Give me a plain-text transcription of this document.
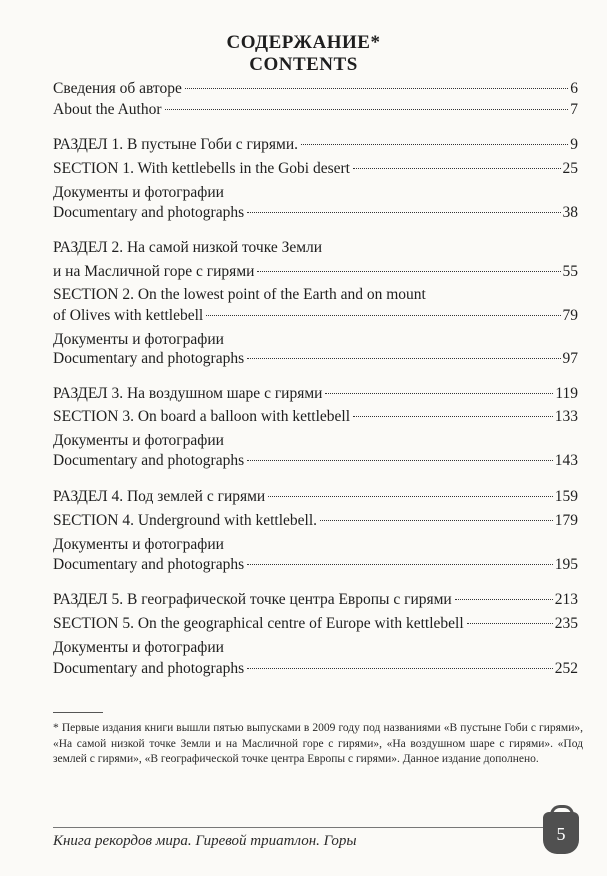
СОДЕРЖАНИЕ*
CONTENTS
Сведения об авторе	6
About the Author	7
РАЗДЕЛ 1. В пустыне Гоби с гирями.	9
SECTION 1. With kettlebells in the Gobi desert	25
Документы и фотографии
Documentary and photographs	38
РАЗДЕЛ 2. На самой низкой точке Земли
и на Масличной горе с гирями	55
SECTION 2. On the lowest point of the Earth and on mount
of Olives with kettlebell	79
Документы и фотографии
Documentary and photographs	97
РАЗДЕЛ 3. На воздушном шаре с гирями	119
SECTION 3. On board a balloon with kettlebell	133
Документы и фотографии
Documentary and photographs	143
РАЗДЕЛ 4. Под землей с гирями	159
SECTION 4. Underground with kettlebell.	179
Документы и фотографии
Documentary and photographs	195
РАЗДЕЛ 5. В географической точке центра Европы с гирями	213
SECTION 5. On the geographical centre of Europe with kettlebell	235
Документы и фотографии
Documentary and photographs	252
* Первые издания книги вышли пятью выпусками в 2009 году под названиями «В пустыне Гоби с гирями», «На самой низкой точке Земли и на Масличной горе с гирями», «На воздушном шаре с гирями». «Под землей с гирями», «В географической точке центра Европы с гирями». Данное издание дополнено.
Книга рекордов мира. Гиревой триатлон. Горы	5
